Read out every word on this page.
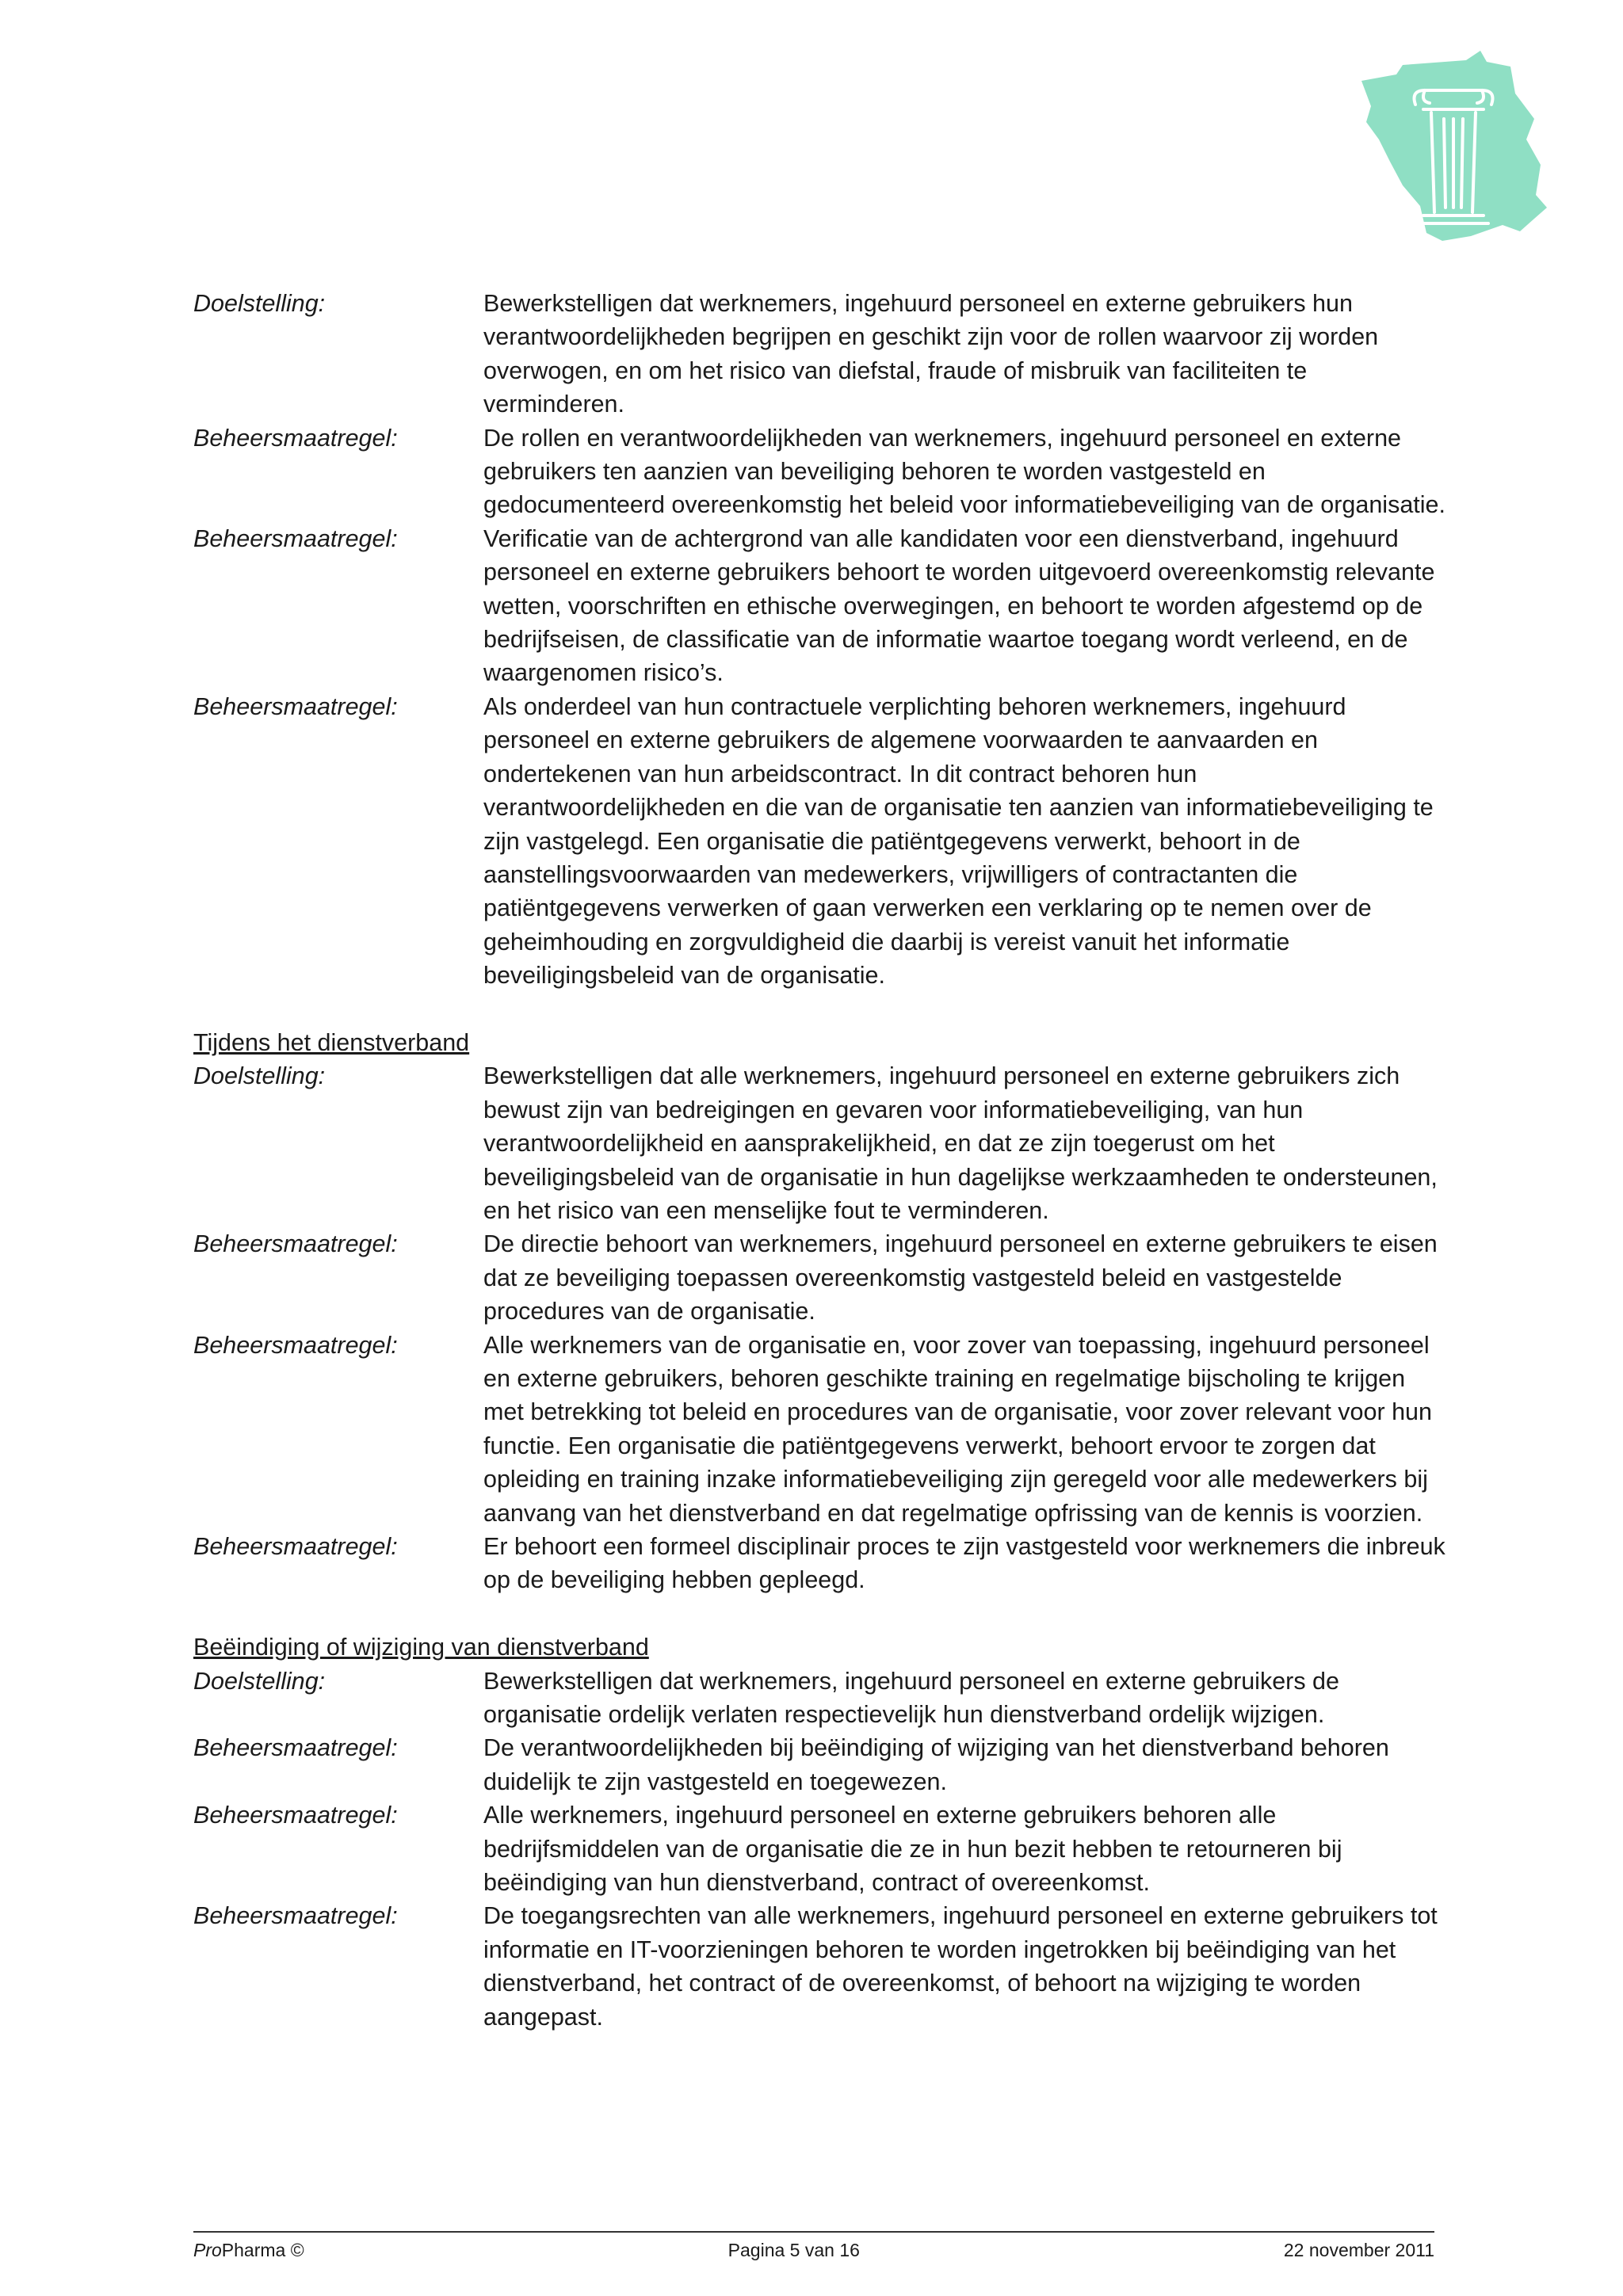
Doelstelling:	Bewerkstelligen dat werknemers, ingehuurd personeel en externe gebruikers hun verantwoordelijkheden begrijpen en geschikt zijn voor de rollen waarvoor zij worden overwogen, en om het risico van diefstal, fraude of misbruik van faciliteiten te verminderen.
Beheersmaatregel:	De rollen en verantwoordelijkheden van werknemers, ingehuurd personeel en externe gebruikers ten aanzien van beveiliging behoren te worden vastgesteld en gedocumenteerd overeenkomstig het beleid voor informatiebeveiliging van de organisatie.
Beheersmaatregel:	Verificatie van de achtergrond van alle kandidaten voor een dienstverband, ingehuurd personeel en externe gebruikers behoort te worden uitgevoerd overeenkomstig relevante wetten, voorschriften en ethische overwegingen, en behoort te worden afgestemd op de bedrijfseisen, de classificatie van de informatie waartoe toegang wordt verleend, en de waargenomen risico’s.
Beheersmaatregel:	Als onderdeel van hun contractuele verplichting behoren werknemers, ingehuurd personeel en externe gebruikers de algemene voorwaarden te aanvaarden en ondertekenen van hun arbeidscontract. In dit contract behoren hun verantwoordelijkheden en die van de organisatie ten aanzien van informatiebeveiliging te zijn vastgelegd. Een organisatie die patiëntgegevens verwerkt, behoort in de aanstellingsvoorwaarden van medewerkers, vrijwilligers of contractanten die patiëntgegevens verwerken of gaan verwerken een verklaring op te nemen over de geheimhouding en zorgvuldigheid die daarbij is vereist vanuit het informatie beveiligingsbeleid van de organisatie.
Tijdens het dienstverband
Doelstelling:	Bewerkstelligen dat alle werknemers, ingehuurd personeel en externe gebruikers zich bewust zijn van bedreigingen en gevaren voor informatiebeveiliging, van hun verantwoordelijkheid en aansprakelijkheid, en dat ze zijn toegerust om het beveiligingsbeleid van de organisatie in hun dagelijkse werkzaamheden te ondersteunen, en het risico van een menselijke fout te verminderen.
Beheersmaatregel:	De directie behoort van werknemers, ingehuurd personeel en externe gebruikers te eisen dat ze beveiliging toepassen overeenkomstig vastgesteld beleid en vastgestelde procedures van de organisatie.
Beheersmaatregel:	Alle werknemers van de organisatie en, voor zover van toepassing, ingehuurd personeel en externe gebruikers, behoren geschikte training en regelmatige bijscholing te krijgen met betrekking tot beleid en procedures van de organisatie, voor zover relevant voor hun functie. Een organisatie die patiëntgegevens verwerkt, behoort ervoor te zorgen dat opleiding en training inzake informatiebeveiliging zijn geregeld voor alle medewerkers bij aanvang van het dienstverband en dat regelmatige opfrissing van de kennis is voorzien.
Beheersmaatregel:	Er behoort een formeel disciplinair proces te zijn vastgesteld voor werknemers die inbreuk op de beveiliging hebben gepleegd.
Beëindiging of wijziging van dienstverband
Doelstelling:	Bewerkstelligen dat werknemers, ingehuurd personeel en externe gebruikers de organisatie ordelijk verlaten respectievelijk hun dienstverband ordelijk wijzigen.
Beheersmaatregel:	De verantwoordelijkheden bij beëindiging of wijziging van het dienstverband behoren duidelijk te zijn vastgesteld en toegewezen.
Beheersmaatregel:	Alle werknemers, ingehuurd personeel en externe gebruikers behoren alle bedrijfsmiddelen van de organisatie die ze in hun bezit hebben te retourneren bij beëindiging van hun dienstverband, contract of overeenkomst.
Beheersmaatregel:	De toegangsrechten van alle werknemers, ingehuurd personeel en externe gebruikers tot informatie en IT-voorzieningen behoren te worden ingetrokken bij beëindiging van het dienstverband, het contract of de overeenkomst, of behoort na wijziging te worden aangepast.
ProPharma ©	Pagina 5 van 16	22 november 2011
